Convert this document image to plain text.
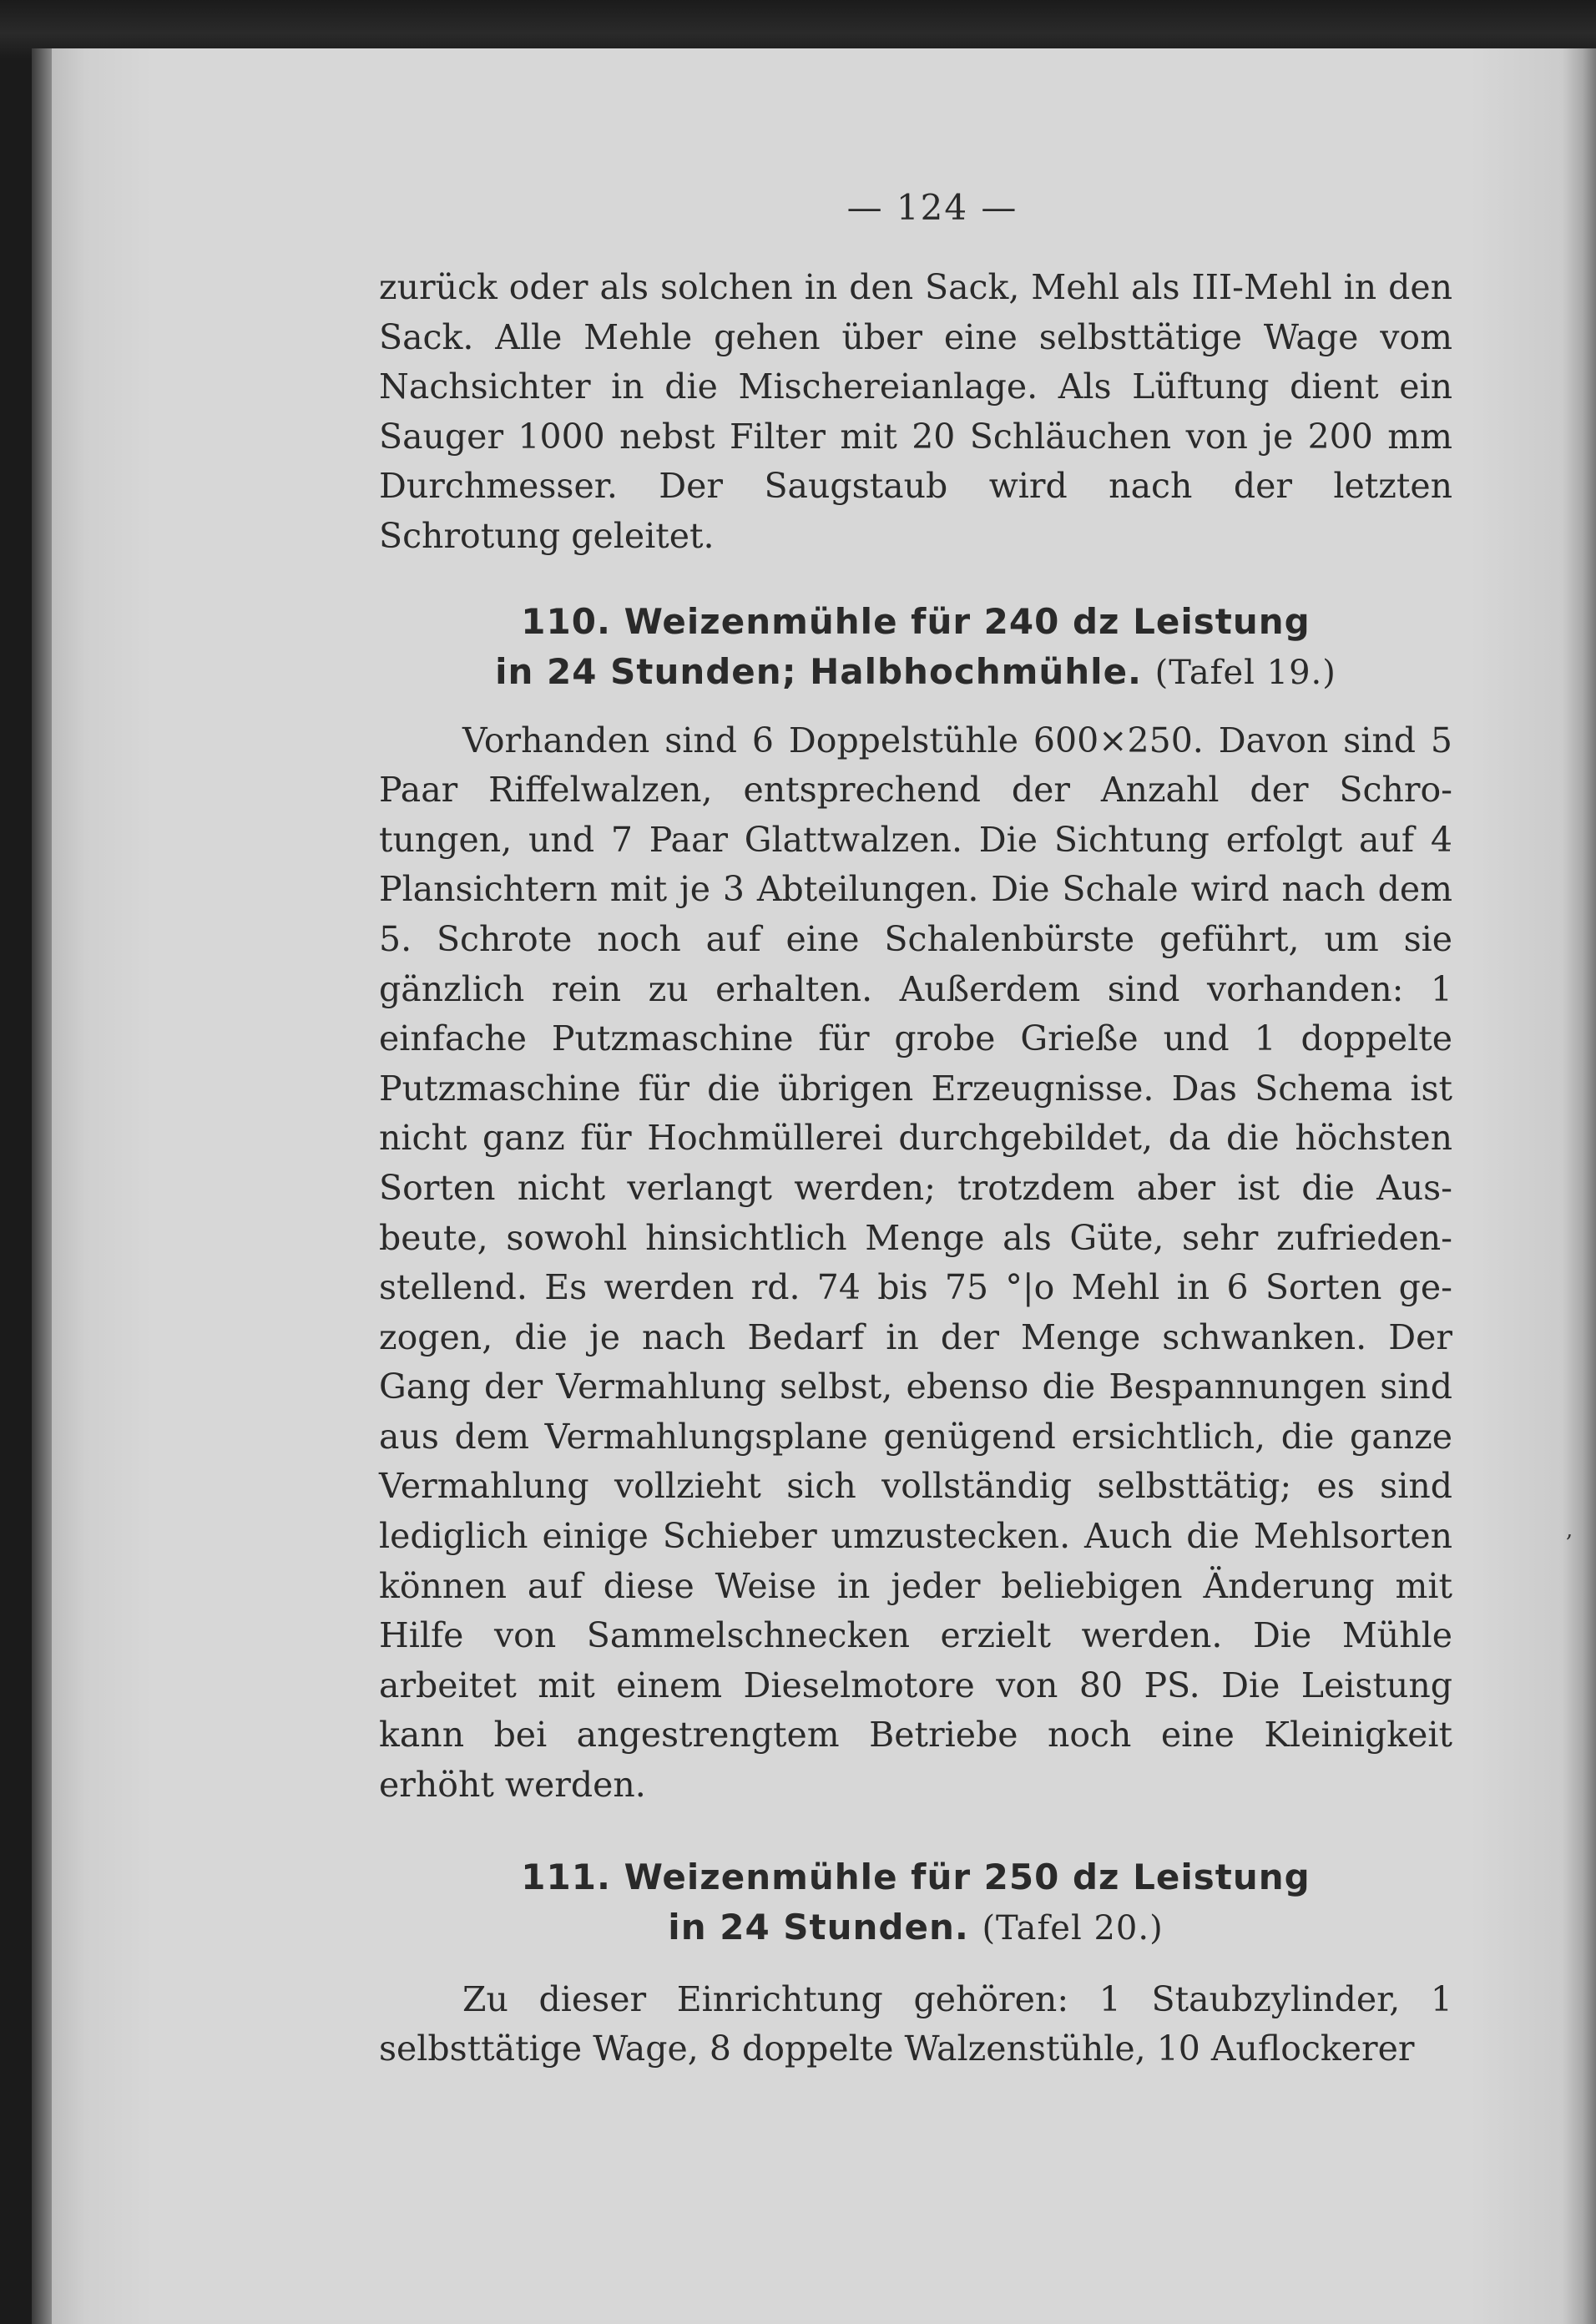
— 124 —

zurück oder als solchen in den Sack, Mehl als III-Mehl in den Sack. Alle Mehle gehen über eine selbsttätige Wage vom Nachsichter in die Mischereianlage. Als Lüftung dient ein Sauger 1000 nebst Filter mit 20 Schläuchen von je 200 mm Durchmesser. Der Saugstaub wird nach der letzten Schrotung geleitet.

110. Weizenmühle für 240 dz Leistung

in 24 Stunden; Halbhochmühle. (Tafel 19.)

Vorhanden sind 6 Doppelstühle 600×250. Davon sind 5 Paar Riffelwalzen, entsprechend der Anzahl der Schro- tungen, und 7 Paar Glattwalzen. Die Sichtung erfolgt auf 4 Plansichtern mit je 3 Abteilungen. Die Schale wird nach dem 5. Schrote noch auf eine Schalenbürste geführt, um sie gänzlich rein zu erhalten. Außerdem sind vorhanden: 1 einfache Putzmaschine für grobe Grieße und 1 doppelte Putzmaschine für die übrigen Erzeugnisse. Das Schema ist nicht ganz für Hochmüllerei durchgebildet, da die höchsten Sorten nicht verlangt werden; trotzdem aber ist die Aus- beute, sowohl hinsichtlich Menge als Güte, sehr zufrieden- stellend. Es werden rd. 74 bis 75 °|o Mehl in 6 Sorten ge- zogen, die je nach Bedarf in der Menge schwanken. Der Gang der Vermahlung selbst, ebenso die Bespannungen sind aus dem Vermahlungsplane genügend ersichtlich, die ganze Vermahlung vollzieht sich vollständig selbsttätig; es sind lediglich einige Schieber umzustecken. Auch die Mehlsorten können auf diese Weise in jeder beliebigen Änderung mit Hilfe von Sammelschnecken erzielt werden. Die Mühle arbeitet mit einem Dieselmotore von 80 PS. Die Leistung kann bei angestrengtem Betriebe noch eine Kleinigkeit erhöht werden.

111. Weizenmühle für 250 dz Leistung

in 24 Stunden. (Tafel 20.)

Zu dieser Einrichtung gehören: 1 Staubzylinder, 1 selbsttätige Wage, 8 doppelte Walzenstühle, 10 Auflockerer

,
